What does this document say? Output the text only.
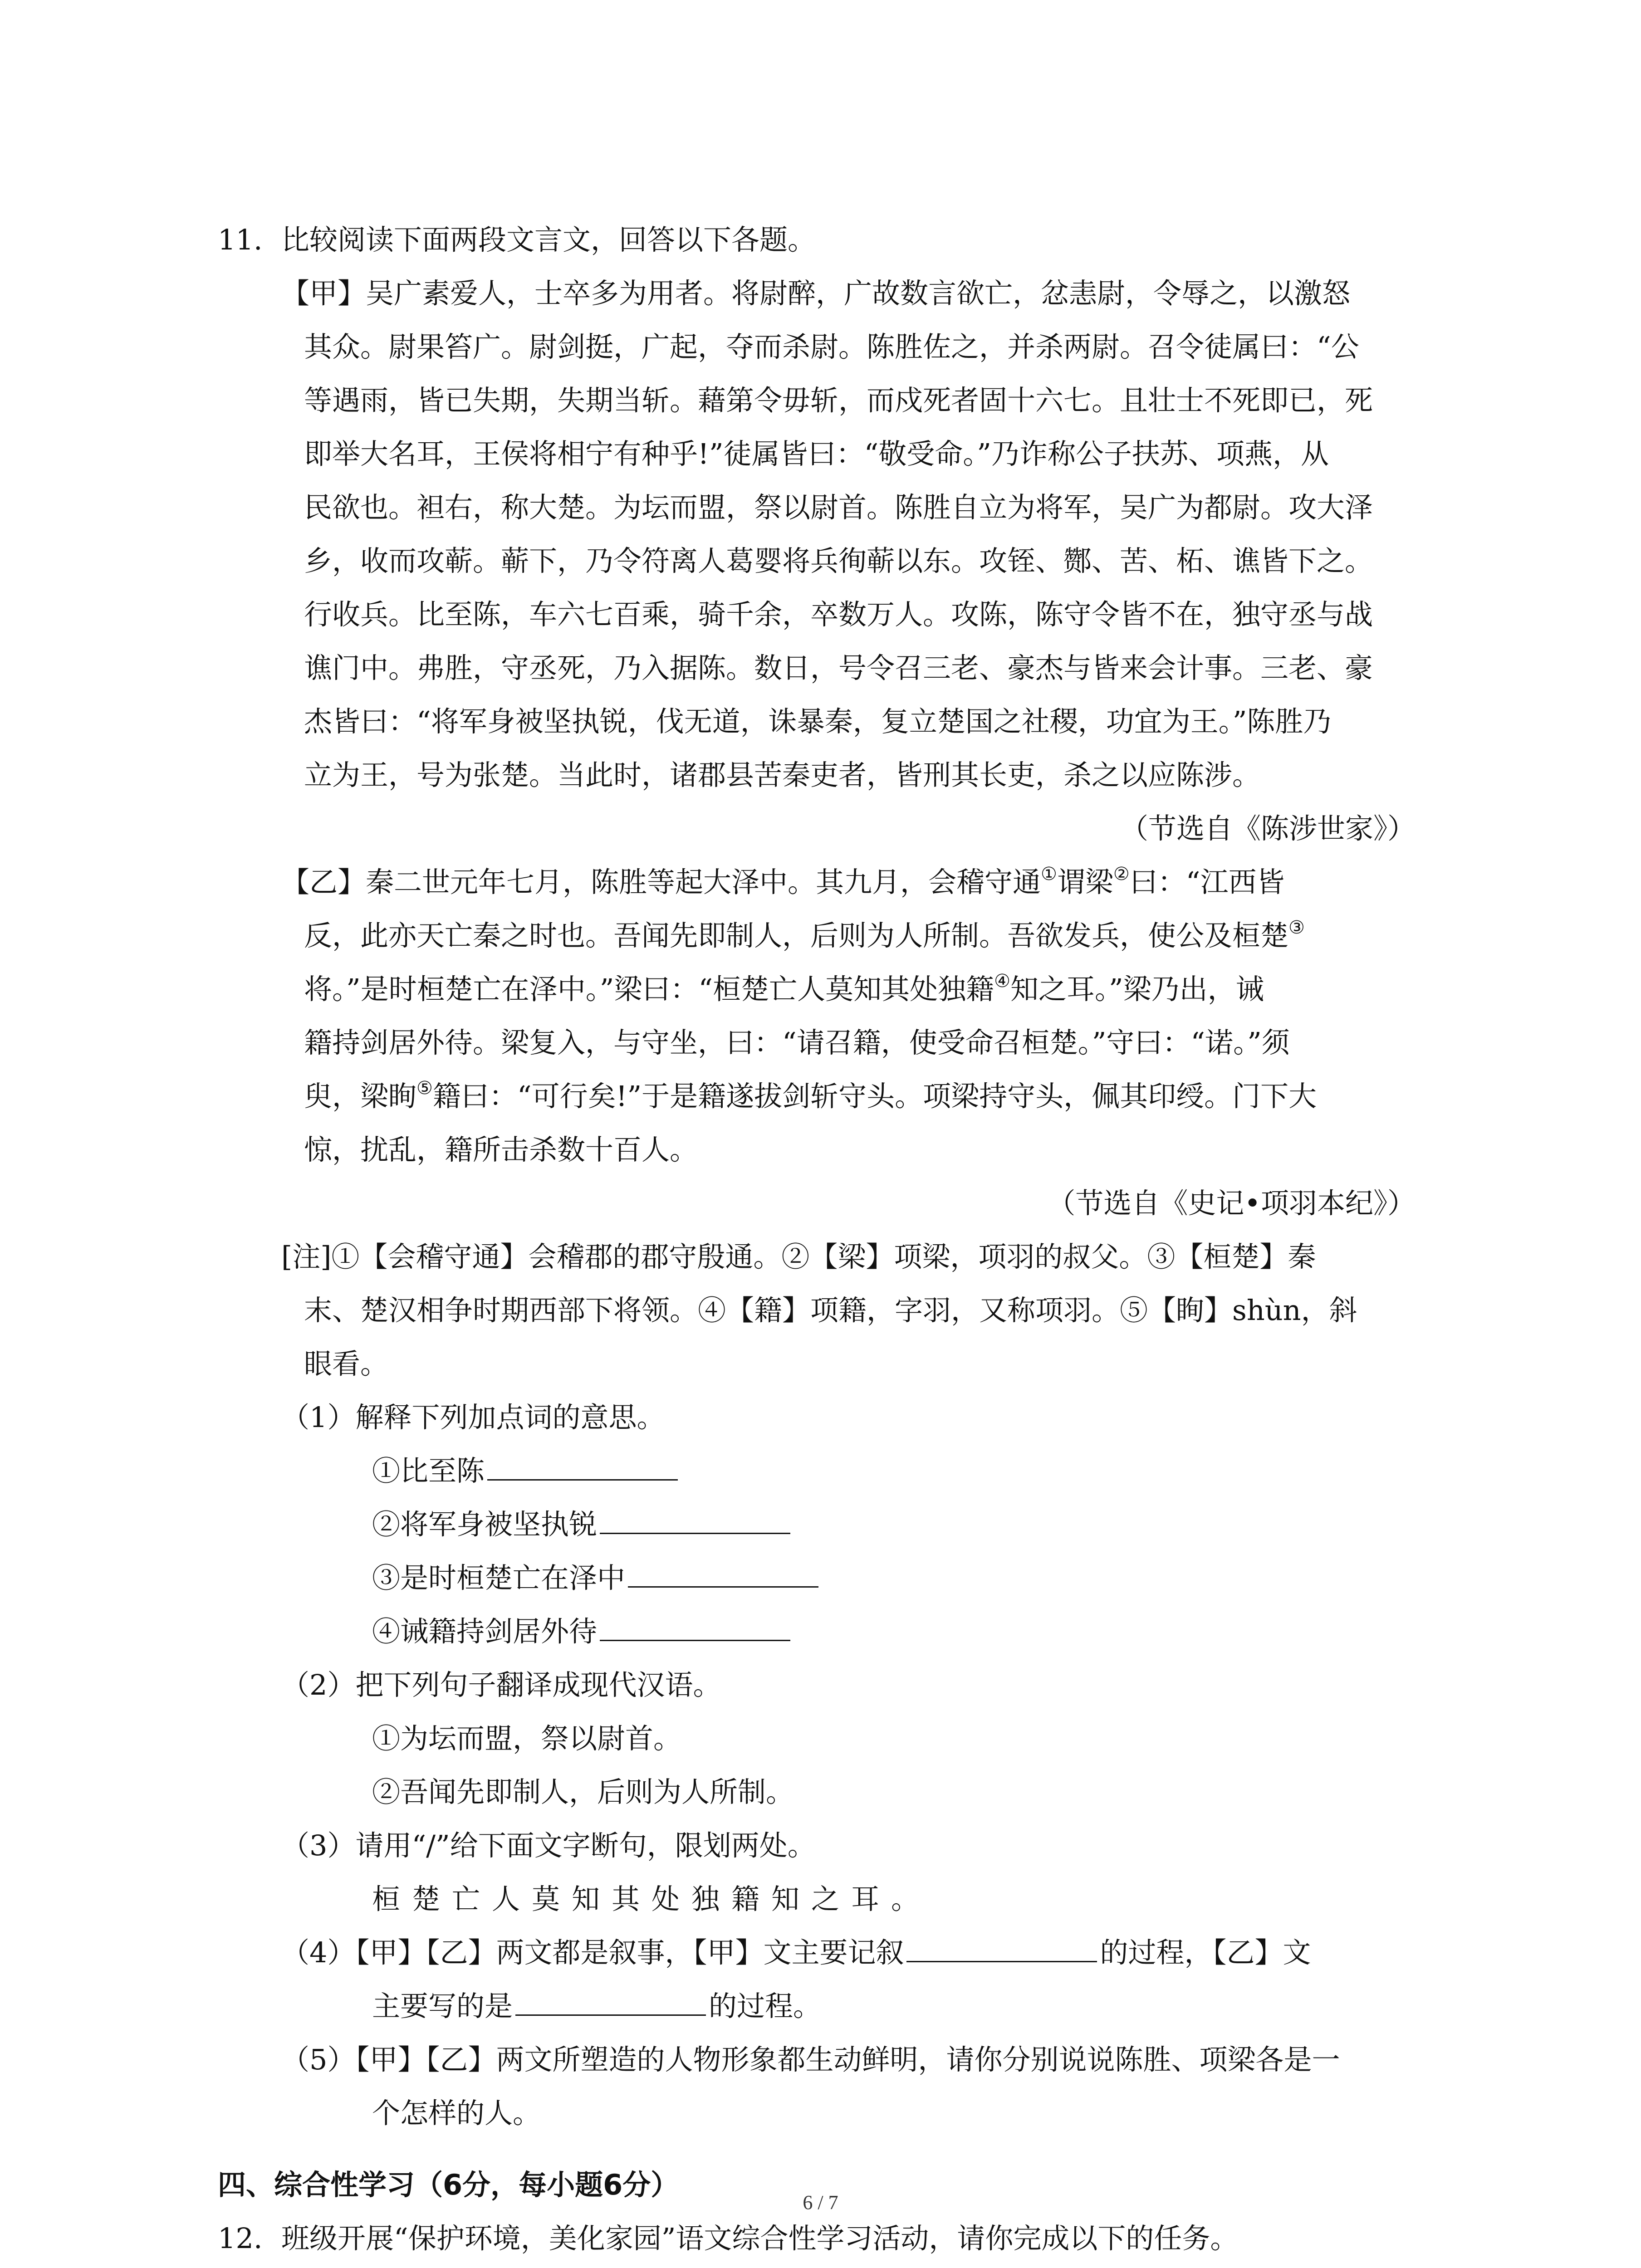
11. 比较阅读下面两段文言文，回答以下各题。
【甲】吴广素爱人，士卒多为用者。将尉醉，广故数言欲亡，忿恚尉，令辱之，以激怒
其众。尉果笞广。尉剑挺，广起，夺而杀尉。陈胜佐之，并杀两尉。召令徒属曰：“公
等遇雨，皆已失期，失期当斩。藉第令毋斩，而戍死者固十六七。且壮士不死即已，死
即举大名耳，王侯将相宁有种乎!”徒属皆曰：“敬受命。”乃诈称公子扶苏、项燕，从
民欲也。袒右，称大楚。为坛而盟，祭以尉首。陈胜自立为将军，吴广为都尉。攻大泽
乡，收而攻蕲。蕲下，乃令符离人葛婴将兵徇蕲以东。攻铚、酂、苦、柘、谯皆下之。
行收兵。比至陈，车六七百乘，骑千余，卒数万人。攻陈，陈守令皆不在，独守丞与战
谯门中。弗胜，守丞死，乃入据陈。数日，号令召三老、豪杰与皆来会计事。三老、豪
杰皆曰：“将军身被坚执锐，伐无道，诛暴秦，复立楚国之社稷，功宜为王。”陈胜乃
立为王，号为张楚。当此时，诸郡县苦秦吏者，皆刑其长吏，杀之以应陈涉。
（节选自《陈涉世家》）
【乙】秦二世元年七月，陈胜等起大泽中。其九月，会稽守通①谓梁②曰：“江西皆
反，此亦天亡秦之时也。吾闻先即制人，后则为人所制。吾欲发兵，使公及桓楚③
将。”是时桓楚亡在泽中。”梁曰：“桓楚亡人莫知其处独籍④知之耳。”梁乃出，诫
籍持剑居外待。梁复入，与守坐，曰：“请召籍，使受命召桓楚。”守曰：“诺。”须
臾，梁眴⑤籍曰：“可行矣!”于是籍遂拔剑斩守头。项梁持守头，佩其印绶。门下大
惊，扰乱，籍所击杀数十百人。
（节选自《史记•项羽本纪》）
[注]①【会稽守通】会稽郡的郡守殷通。②【梁】项梁，项羽的叔父。③【桓楚】秦
末、楚汉相争时期西部下将领。④【籍】项籍，字羽，又称项羽。⑤【眴】shùn，斜
眼看。
（1）解释下列加点词的意思。
①比至陈
②将军身被坚执锐
③是时桓楚亡在泽中
④诫籍持剑居外待
（2）把下列句子翻译成现代汉语。
①为坛而盟，祭以尉首。
②吾闻先即制人，后则为人所制。
（3）请用“/”给下面文字断句，限划两处。
桓楚亡人莫知其处独籍知之耳。
（4）【甲】【乙】两文都是叙事，【甲】文主要记叙	的过程，【乙】文
主要写的是	的过程。
（5）【甲】【乙】两文所塑造的人物形象都生动鲜明，请你分别说说陈胜、项梁各是一
个怎样的人。
四、综合性学习（6分，每小题6分）
12. 班级开展“保护环境，美化家园”语文综合性学习活动，请你完成以下的任务。
6 / 7
